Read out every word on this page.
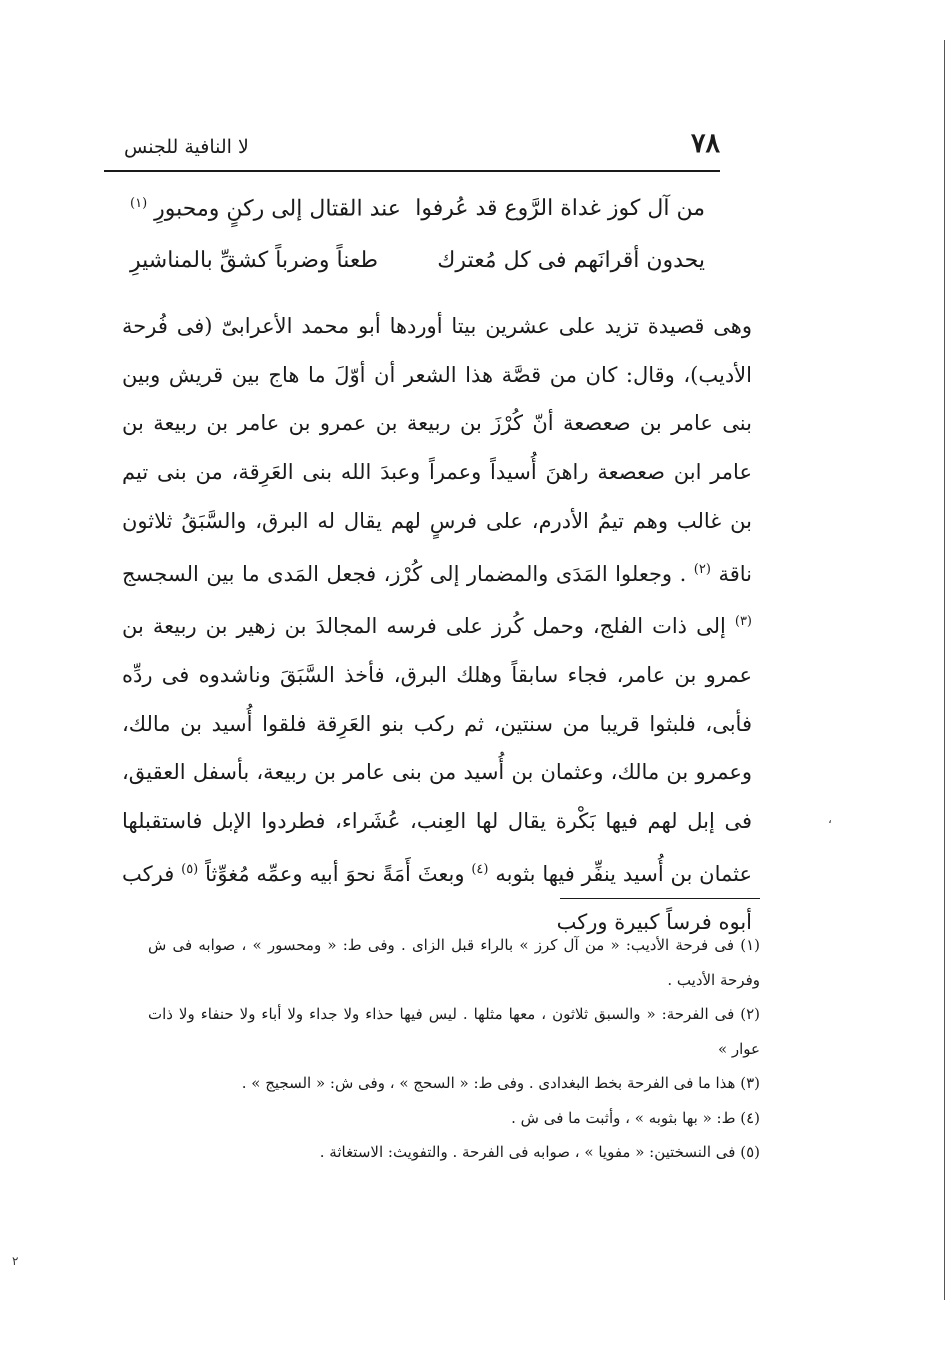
٧٨
لا النافية للجنس
من آل كوز غداة الرَّوع قد عُرفوا
عند القتال إلى ركنٍ ومحبورِ $^{(١)}$
يحدون أقرانَهم فى كل مُعترك
طعناً وضرباً كشقِّ بالمناشيرِ
وهى قصيدة تزيد على عشرين بيتا أوردها أبو محمد الأعرابىّ (فى فُرحة الأديب)، وقال: كان من قصَّة هذا الشعر أن أوّلَ ما هاج بين قريش وبين بنى عامر بن صعصعة أنّ كُرْزَ بن ربيعة بن عمرو بن عامر بن ربيعة بن عامر ابن صعصعة راهنَ أُسيداً وعمراً وعبدَ الله بنى العَرِقة، من بنى تيم بن غالب وهم تيمُ الأدرم، على فرسٍ لهم يقال له البرق، والسَّبَقُ ثلاثون ناقة $^{(٢)}$ . وجعلوا المَدَى والمضمار إلى كُرْز، فجعل المَدى ما بين السجسج $^{(٣)}$ إلى ذات الفلج، وحمل كُرز على فرسه المجالدَ بن زهير بن ربيعة بن عمرو بن عامر، فجاء سابقاً وهلك البرق، فأخذ السَّبَقَ وناشدوه فى ردِّه فأبى، فلبثوا قريبا من سنتين، ثم ركب بنو العَرِقة فلقوا أُسيد بن مالك، وعمرو بن مالك، وعثمان بن أُسيد من بنى عامر بن ربيعة، بأسفل العقيق، فى إبل لهم فيها بَكْرة يقال لها العِنب، عُشَراء، فطردوا الإبل فاستقبلها عثمان بن أُسيد ينفِّر فيها بثوبه $^{(٤)}$ وبعثَ أَمَةً نحوَ أبيه وعمِّه مُغوِّثاً $^{(٥)}$ فركب أبوه فرساً كبيرة وركب

(١) فى فرحة الأديب: « من آل كرز » بالراء قبل الزاى . وفى ط: « ومحسور » ، صوابه فى ش وفرحة الأديب .

(٢) فى الفرحة: « والسبق ثلاثون ، معها مثلها . ليس فيها حذاء ولا جداء ولا أباء ولا حنفاء ولا ذات عوار »

(٣) هذا ما فى الفرحة بخط البغدادى . وفى ط: « السحج » ، وفى ش: « السجيج » .

(٤) ط: « بها بثوبه » ، وأثبت ما فى ش .

(٥) فى النسختين: « مفويا » ، صوابه فى الفرحة . والتفويث: الاستغاثة .

،
٢
